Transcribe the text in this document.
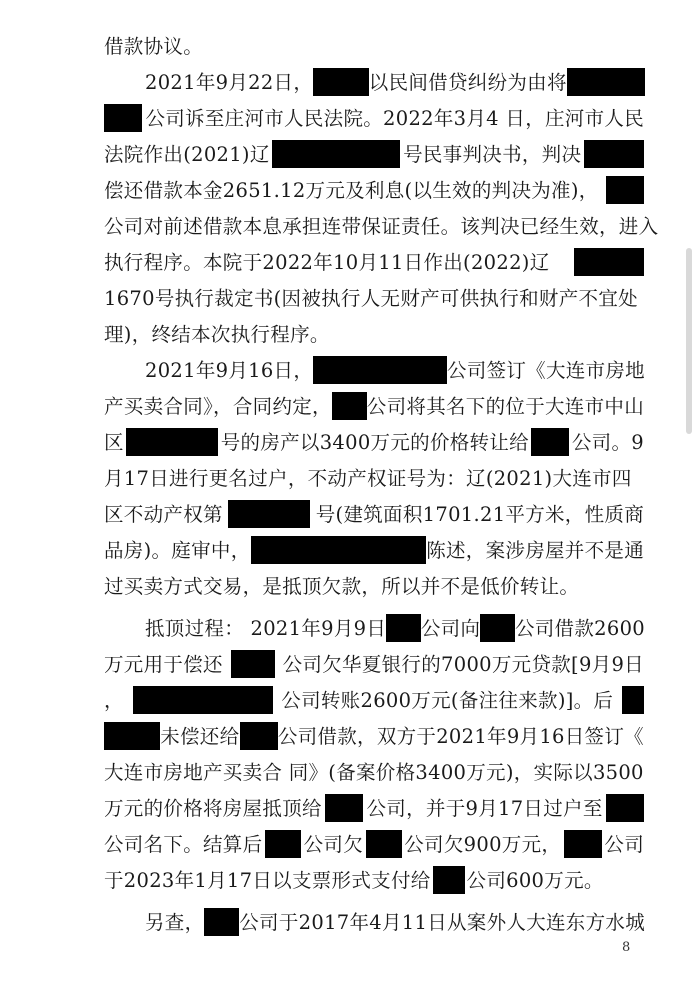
借款协议。
2021年9月22日，	以民间借贷纠纷为由将
公司诉至庄河市人民法院。2022年3月4 日，庄河市人民
法院作出(2021)辽	号民事判决书，判决
偿还借款本金2651.12万元及利息(以生效的判决为准)，
公司对前述借款本息承担连带保证责任。该判决已经生效，进入
执行程序。本院于2022年10月11日作出(2022)辽
1670号执行裁定书(因被执行人无财产可供执行和财产不宜处
理)，终结本次执行程序。
2021年9月16日，	公司签订《大连市房地
产买卖合同》，合同约定， 公司将其名下的位于大连市中山
区	号的房产以3400万元的价格转让给 公司。9
月17日进行更名过户，不动产权证号为：辽(2021)大连市四
区不动产权第	号(建筑面积1701.21平方米，性质商
品房)。庭审中，	陈述，案涉房屋并不是通
过买卖方式交易，是抵顶欠款，所以并不是低价转让。
抵顶过程： 2021年9月9日 公司向 公司借款2600
万元用于偿还	公司欠华夏银行的7000万元贷款[9月9日
，	公司转账2600万元(备注往来款)]。后
未偿还给 公司借款，双方于2021年9月16日签订《
大连市房地产买卖合 同》(备案价格3400万元)，实际以3500
万元的价格将房屋抵顶给 公司，并于9月17日过户至
公司名下。结算后 公司欠 公司欠900万元， 公司
于2023年1月17日以支票形式支付给 公司600万元。
另查， 公司于2017年4月11日从案外人大连东方水城
8
